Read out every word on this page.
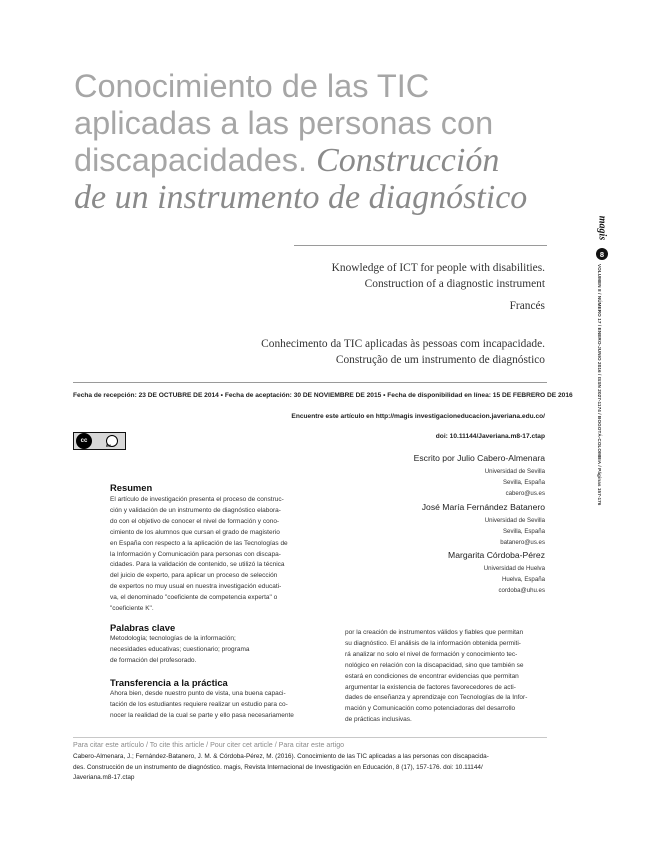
Conocimiento de las TIC
aplicadas a las personas con
discapacidades. Construcción
de un instrumento de diagnóstico
Knowledge of ICT for people with disabilities.
Construction of a diagnostic instrument
Francés
Conhecimento da TIC aplicadas às pessoas com incapacidade.
Construção de um instrumento de diagnóstico
Fecha de recepción: 23 DE OCTUBRE DE 2014 • Fecha de aceptación: 30 DE NOVIEMBRE DE 2015 • Fecha de disponibilidad en línea: 15 DE FEBRERO DE 2016
Encuentre este artículo en http://magis investigacioneducacion.javeriana.edu.co/
doi: 10.11144/Javeriana.m8-17.ctap
cc
BY
Escrito por Julio Cabero-Almenara
Universidad de Sevilla
Sevilla, España
cabero@us.es
José María Fernández Batanero
Universidad de Sevilla
Sevilla, España
batanero@us.es
Margarita Córdoba-Pérez
Universidad de Huelva
Huelva, España
cordoba@uhu.es
Resumen
El artículo de investigación presenta el proceso de construc-
ción y validación de un instrumento de diagnóstico elabora-
do con el objetivo de conocer el nivel de formación y cono-
cimiento de los alumnos que cursan el grado de magisterio
en España con respecto a la aplicación de las Tecnologías de
la Información y Comunicación para personas con discapa-
cidades. Para la validación de contenido, se utilizó la técnica
del juicio de experto, para aplicar un proceso de selección
de expertos no muy usual en nuestra investigación educati-
va, el denominado "coeficiente de competencia experta" o
"coeficiente K".
Palabras clave
Metodología; tecnologías de la información;
necesidades educativas; cuestionario; programa
de formación del profesorado.
Transferencia a la práctica
Ahora bien, desde nuestro punto de vista, una buena capaci-
tación de los estudiantes requiere realizar un estudio para co-
nocer la realidad de la cual se parte y ello pasa necesariamente
por la creación de instrumentos válidos y fiables que permitan
su diagnóstico. El análisis de la información obtenida permiti-
rá analizar no solo el nivel de formación y conocimiento tec-
nológico en relación con la discapacidad, sino que también se
estará en condiciones de encontrar evidencias que permitan
argumentar la existencia de factores favorecedores de acti-
dades de enseñanza y aprendizaje con Tecnologías de la Infor-
mación y Comunicación como potenciadoras del desarrollo
de prácticas inclusivas.
Para citar este artículo / To cite this article / Pour citer cet article / Para citar este artigo
Cabero-Almenara, J.; Fernández-Batanero, J. M. & Córdoba-Pérez, M. (2016). Conocimiento de las TIC aplicadas a las personas con discapacida-
des. Construcción de un instrumento de diagnóstico. magis, Revista Internacional de Investigación en Educación, 8 (17), 157-176. doi: 10.11144/
Javeriana.m8-17.ctap
magis
8
VOLUMEN 8 / NÚMERO 17 / ENERO-JUNIO 2016 / ISSN 2027-1174 / BOGOTÁ-COLOMBIA / Páginas 157-176
